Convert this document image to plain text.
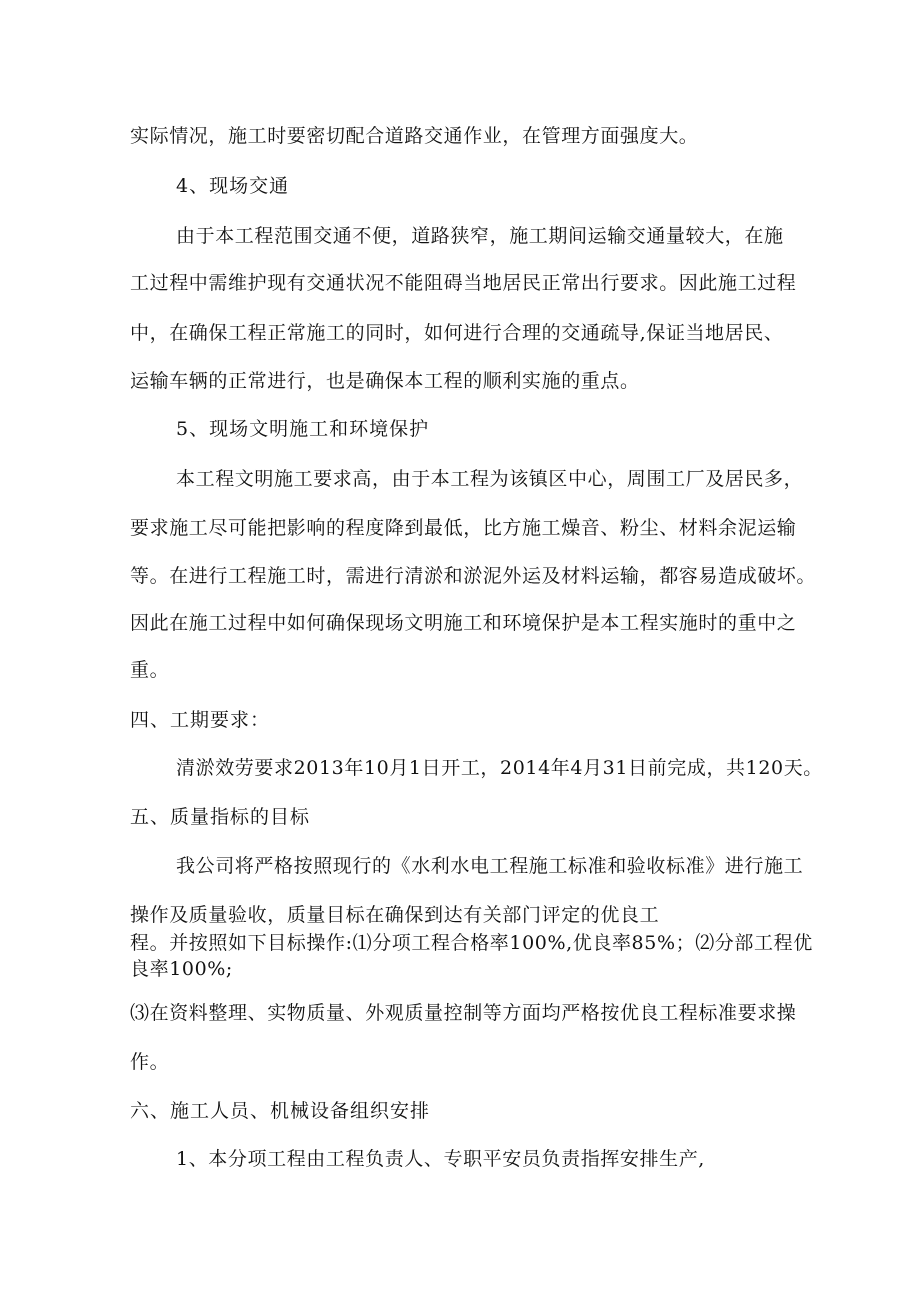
实际情况，施工时要密切配合道路交通作业，在管理方面强度大。
4、现场交通
由于本工程范围交通不便，道路狭窄，施工期间运输交通量较大，在施
工过程中需维护现有交通状况不能阻碍当地居民正常出行要求。因此施工过程
中，在确保工程正常施工的同时，如何进行合理的交通疏导,保证当地居民、
运输车辆的正常进行，也是确保本工程的顺利实施的重点。
5、现场文明施工和环境保护
本工程文明施工要求高，由于本工程为该镇区中心，周围工厂及居民多，
要求施工尽可能把影响的程度降到最低，比方施工燥音、粉尘、材料余泥运输
等。在进行工程施工时，需进行清淤和淤泥外运及材料运输，都容易造成破坏。
因此在施工过程中如何确保现场文明施工和环境保护是本工程实施时的重中之
重。
四、工期要求：
清淤效劳要求2013年10月1日开工，2014年4月31日前完成，共120天。
五、质量指标的目标
我公司将严格按照现行的《水利水电工程施工标准和验收标准》进行施工
操作及质量验收，质量目标在确保到达有关部门评定的优良工
程。并按照如下目标操作:⑴分项工程合格率100%,优良率85%；⑵分部工程优
良率100%;
⑶在资料整理、实物质量、外观质量控制等方面均严格按优良工程标准要求操
作。
六、施工人员、机械设备组织安排
1、本分项工程由工程负责人、专职平安员负责指挥安排生产,
